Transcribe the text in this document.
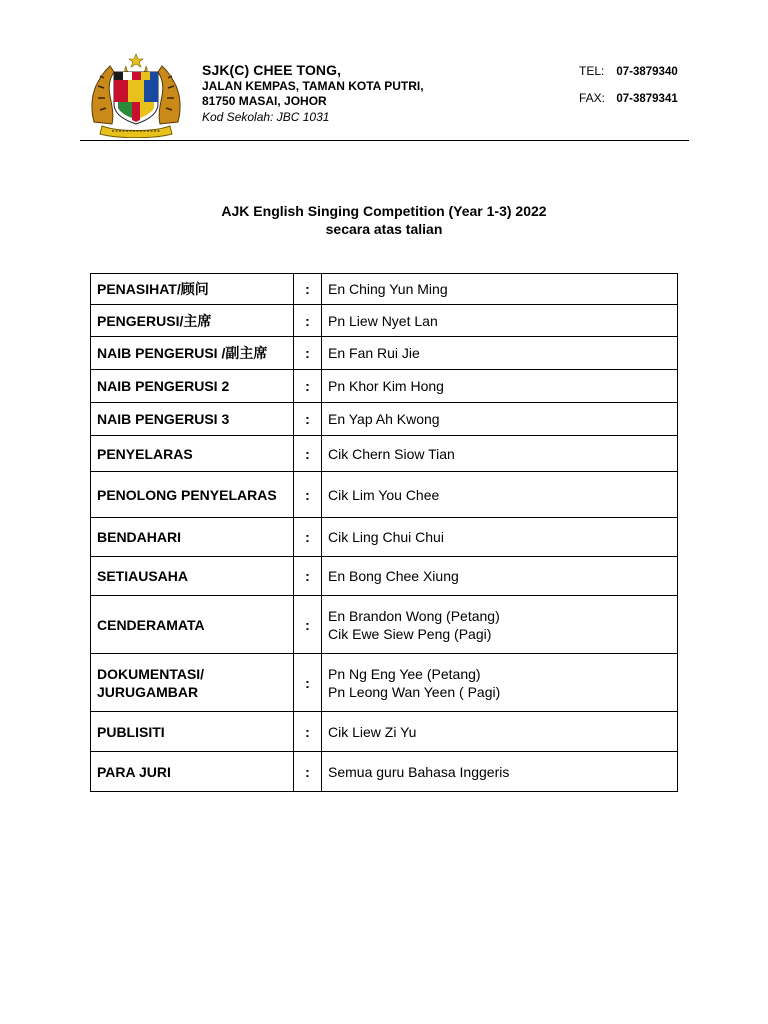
SJK(C) CHEE TONG,
JALAN KEMPAS, TAMAN KOTA PUTRI,
81750 MASAI, JOHOR
Kod Sekolah: JBC 1031
TEL: 07-3879340
FAX: 07-3879341
AJK English Singing Competition (Year 1-3) 2022
secara atas talian
PENASIHAT/顾问	:	En Ching Yun Ming

PENGERUSI/主席	:	Pn Liew Nyet Lan

NAIB PENGERUSI /副主席	:	En Fan Rui Jie

NAIB PENGERUSI 2	:	Pn Khor Kim Hong

NAIB PENGERUSI 3	:	En Yap Ah Kwong

PENYELARAS	:	Cik Chern Siow Tian

PENOLONG PENYELARAS	:	Cik Lim You Chee

BENDAHARI	:	Cik Ling Chui Chui

SETIAUSAHA	:	En Bong Chee Xiung

CENDERAMATA	:	En Brandon Wong (Petang)
Cik Ewe Siew Peng (Pagi)

DOKUMENTASI/ JURUGAMBAR	:	Pn Ng Eng Yee (Petang)
Pn Leong Wan Yeen ( Pagi)

PUBLISITI	:	Cik Liew Zi Yu

PARA JURI	:	Semua guru Bahasa Inggeris
